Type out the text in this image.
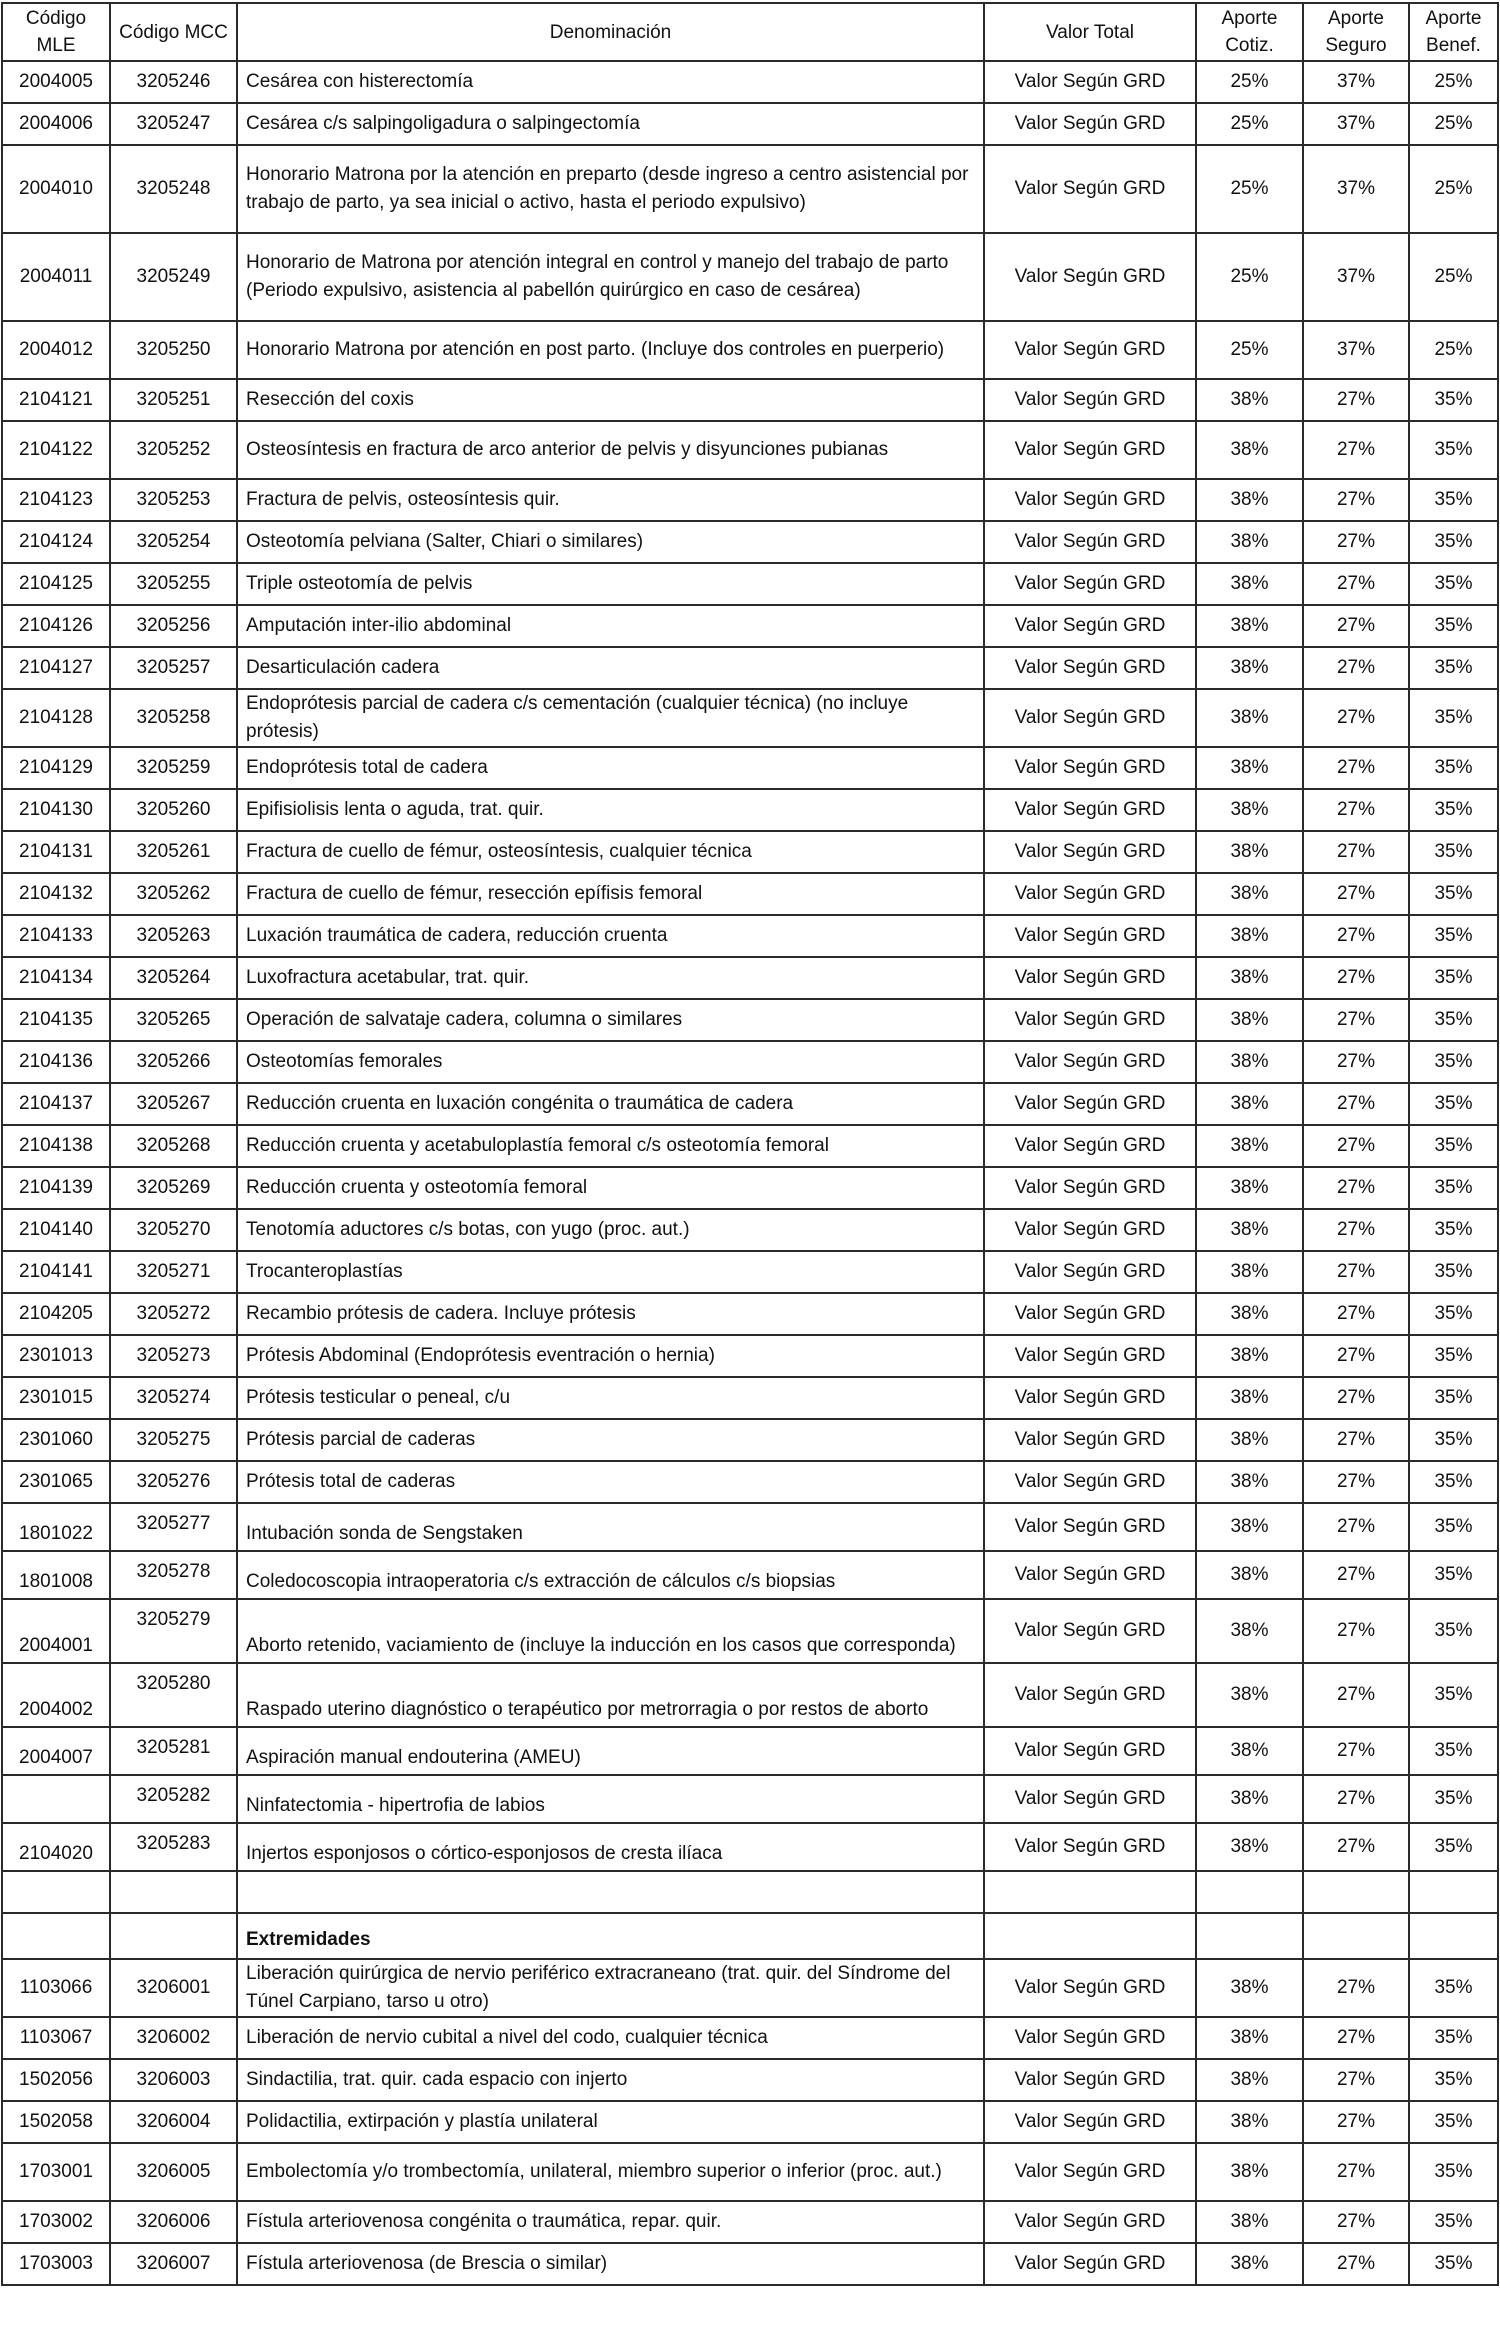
Código MLE	Código MCC	Denominación	Valor Total	Aporte Cotiz.	Aporte Seguro	Aporte Benef.
2004005	3205246	Cesárea con histerectomía	Valor Según GRD	25%	37%	25%
2004006	3205247	Cesárea c/s salpingoligadura o salpingectomía	Valor Según GRD	25%	37%	25%
2004010	3205248	Honorario Matrona por la atención en preparto (desde ingreso a centro asistencial por trabajo de parto, ya sea inicial o activo, hasta el periodo expulsivo)	Valor Según GRD	25%	37%	25%
2004011	3205249	Honorario de Matrona por atención integral en control y manejo del trabajo de parto (Periodo expulsivo, asistencia al pabellón quirúrgico en caso de cesárea)	Valor Según GRD	25%	37%	25%
2004012	3205250	Honorario Matrona por atención en post parto. (Incluye dos controles en puerperio)	Valor Según GRD	25%	37%	25%
2104121	3205251	Resección del coxis	Valor Según GRD	38%	27%	35%
2104122	3205252	Osteosíntesis en fractura de arco anterior de pelvis y disyunciones pubianas	Valor Según GRD	38%	27%	35%
2104123	3205253	Fractura de pelvis, osteosíntesis quir.	Valor Según GRD	38%	27%	35%
2104124	3205254	Osteotomía pelviana (Salter, Chiari o similares)	Valor Según GRD	38%	27%	35%
2104125	3205255	Triple osteotomía de pelvis	Valor Según GRD	38%	27%	35%
2104126	3205256	Amputación inter-ilio abdominal	Valor Según GRD	38%	27%	35%
2104127	3205257	Desarticulación cadera	Valor Según GRD	38%	27%	35%
2104128	3205258	Endoprótesis parcial de cadera c/s cementación (cualquier técnica) (no incluye prótesis)	Valor Según GRD	38%	27%	35%
2104129	3205259	Endoprótesis total de cadera	Valor Según GRD	38%	27%	35%
2104130	3205260	Epifisiolisis lenta o aguda, trat. quir.	Valor Según GRD	38%	27%	35%
2104131	3205261	Fractura de cuello de fémur, osteosíntesis, cualquier técnica	Valor Según GRD	38%	27%	35%
2104132	3205262	Fractura de cuello de fémur, resección epífisis femoral	Valor Según GRD	38%	27%	35%
2104133	3205263	Luxación traumática de cadera, reducción cruenta	Valor Según GRD	38%	27%	35%
2104134	3205264	Luxofractura acetabular, trat. quir.	Valor Según GRD	38%	27%	35%
2104135	3205265	Operación de salvataje cadera, columna o similares	Valor Según GRD	38%	27%	35%
2104136	3205266	Osteotomías femorales	Valor Según GRD	38%	27%	35%
2104137	3205267	Reducción cruenta en luxación congénita o traumática de cadera	Valor Según GRD	38%	27%	35%
2104138	3205268	Reducción cruenta y acetabuloplastía femoral c/s osteotomía femoral	Valor Según GRD	38%	27%	35%
2104139	3205269	Reducción cruenta y osteotomía femoral	Valor Según GRD	38%	27%	35%
2104140	3205270	Tenotomía aductores c/s botas, con yugo (proc. aut.)	Valor Según GRD	38%	27%	35%
2104141	3205271	Trocanteroplastías	Valor Según GRD	38%	27%	35%
2104205	3205272	Recambio prótesis de cadera. Incluye prótesis	Valor Según GRD	38%	27%	35%
2301013	3205273	Prótesis Abdominal (Endoprótesis eventración o hernia)	Valor Según GRD	38%	27%	35%
2301015	3205274	Prótesis testicular o peneal, c/u	Valor Según GRD	38%	27%	35%
2301060	3205275	Prótesis parcial de caderas	Valor Según GRD	38%	27%	35%
2301065	3205276	Prótesis total de caderas	Valor Según GRD	38%	27%	35%
1801022	3205277	Intubación sonda de Sengstaken	Valor Según GRD	38%	27%	35%
1801008	3205278	Coledocoscopia intraoperatoria c/s extracción de cálculos c/s biopsias	Valor Según GRD	38%	27%	35%
2004001	3205279	Aborto retenido, vaciamiento de (incluye la inducción en los casos que corresponda)	Valor Según GRD	38%	27%	35%
2004002	3205280	Raspado uterino diagnóstico o terapéutico por metrorragia o por restos de aborto	Valor Según GRD	38%	27%	35%
2004007	3205281	Aspiración manual endouterina (AMEU)	Valor Según GRD	38%	27%	35%
	3205282	Ninfatectomia - hipertrofia de labios	Valor Según GRD	38%	27%	35%
2104020	3205283	Injertos esponjosos o córtico-esponjosos de cresta ilíaca	Valor Según GRD	38%	27%	35%

		Extremidades				
1103066	3206001	Liberación quirúrgica de nervio periférico extracraneano (trat. quir. del Síndrome del Túnel Carpiano, tarso u otro)	Valor Según GRD	38%	27%	35%
1103067	3206002	Liberación de nervio cubital a nivel del codo, cualquier técnica	Valor Según GRD	38%	27%	35%
1502056	3206003	Sindactilia, trat. quir. cada espacio con injerto	Valor Según GRD	38%	27%	35%
1502058	3206004	Polidactilia, extirpación y plastía unilateral	Valor Según GRD	38%	27%	35%
1703001	3206005	Embolectomía y/o trombectomía, unilateral, miembro superior o inferior (proc. aut.)	Valor Según GRD	38%	27%	35%
1703002	3206006	Fístula arteriovenosa congénita o traumática, repar. quir.	Valor Según GRD	38%	27%	35%
1703003	3206007	Fístula arteriovenosa (de Brescia o similar)	Valor Según GRD	38%	27%	35%
